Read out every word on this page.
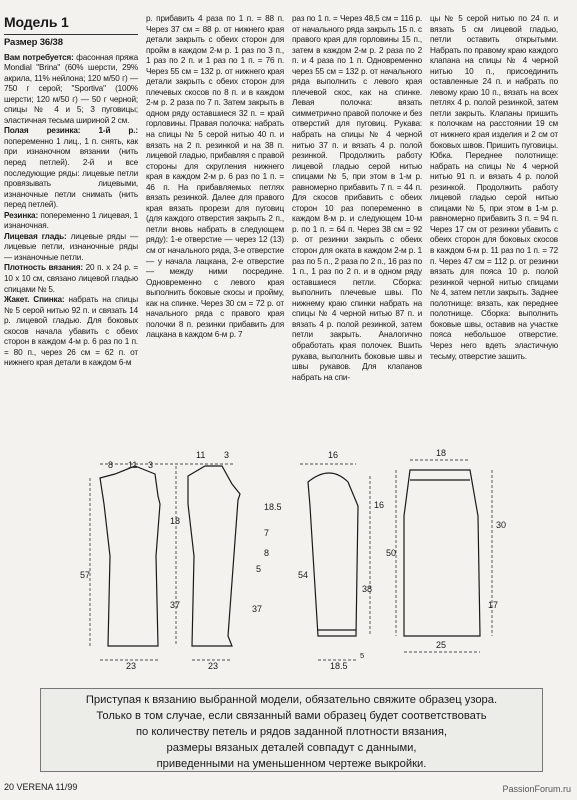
Модель 1
Размер 36/38

Вам потребуется: фасонная пряжа Mondial "Brina" (60% шерсти, 29% акрила, 11% нейлона; 120 м/50 г) — 750 г серой; "Sportiva" (100% шерсти; 120 м/50 г) — 50 г черной; спицы № 4 и 5; 3 пуговицы; эластичная тесьма шириной 2 см.

Полая резинка: 1-й р.: попеременно 1 лиц., 1 п. снять, как при изнаночном вязании (нить перед петлей). 2-й и все последующие ряды: лицевые петли провязывать лицевыми, изнаночные петли снимать (нить перед петлей).

Резинка: попеременно 1 лицевая, 1 изнаночная.

Лицевая гладь: лицевые ряды — лицевые петли, изнаночные ряды — изнаночные петли.

Плотность вязания: 20 п. x 24 р. = 10 x 10 см, связано лицевой гладью спицами № 5.

Жакет. Спинка: набрать на спицы № 5 серой нитью 92 п. и связать 14 р. лицевой гладью. Для боковых скосов начала убавить с обеих сторон в каждом 4-м р. 6 раз по 1 п. = 80 п., через 26 см = 62 п. от нижнего края детали в каждом 6-м

р. прибавить 4 раза по 1 п. = 88 п. Через 37 см = 88 р. от нижнего края детали закрыть с обеих сторон для пройм в каждом 2-м р. 1 раз по 3 п., 1 раз по 2 п. и 1 раз по 1 п. = 76 п. Через 55 см = 132 р. от нижнего края детали закрыть с обеих сторон для плечевых скосов по 8 п. и в каждом 2-м р. 2 раза по 7 п. Затем закрыть в одном ряду оставшиеся 32 п. = край горловины. Правая полочка: набрать на спицы № 5 серой нитью 40 п. и вязать на 2 п. резинкой и на 38 п. лицевой гладью, прибавляя с правой стороны для скругления нижнего края в каждом 2-м р. 6 раз по 1 п. = 46 п. На прибавляемых петлях вязать резинкой. Далее для правого края вязать прорези для пуговиц (для каждого отверстия закрыть 2 п., петли вновь набрать в следующем ряду): 1-е отверстие — через 12 (13) см от начального ряда, 3-е отверстие — у начала лацкана, 2-е отверстие — между ними посредине. Одновременно с левого края выполнить боковые скосы и пройму, как на спинке. Через 30 см = 72 р. от начального ряда с правого края полочки 8 п. резинки прибавить для лацкана в каждом 6-м р. 7

раз по 1 п. = Через 48,5 см = 116 р. от начального ряда закрыть 15 п. с правого края для горловины 15 п., затем в каждом 2-м р. 2 раза по 2 п. и 4 раза по 1 п. Одновременно через 55 см = 132 р. от начального ряда выполнить с левого края плечевой скос, как на спинке. Левая полочка: вязать симметрично правой полочке и без отверстий для пуговиц. Рукава: набрать на спицы № 4 черной нитью 37 п. и вязать 4 р. полой резинкой. Продолжить работу лицевой гладью серой нитью спицами № 5, при этом в 1-м р. равномерно прибавить 7 п. = 44 п. Для скосов прибавить с обеих сторон 10 раз попеременно в каждом 8-м р. и следующем 10-м р. по 1 п. = 64 п. Через 38 см = 92 р. от резинки закрыть с обеих сторон для оката в каждом 2-м р. 1 раз по 5 п., 2 раза по 2 п., 16 раз по 1 п., 1 раз по 2 п. и в одном ряду оставшиеся петли. Сборка: выполнить плечевые швы. По нижнему краю спинки набрать на спицы № 4 черной нитью 87 п. и вязать 4 р. полой резинкой, затем петли закрыть. Аналогично обработать края полочек. Вшить рукава, выполнить боковые швы и швы рукавов. Для клапанов набрать на спи-

цы № 5 серой нитью по 24 п. и вязать 5 см лицевой гладью, петли оставить открытыми. Набрать по правому краю каждого клапана на спицы № 4 черной нитью 10 п., присоединить оставленные 24 п. и набрать по левому краю 10 п., вязать на всех петлях 4 р. полой резинкой, затем петли закрыть. Клапаны пришить к полочкам на расстоянии 19 см от нижнего края изделия и 2 см от боковых швов. Пришить пуговицы. Юбка. Переднее полотнище: набрать на спицы № 4 черной нитью 91 п. и вязать 4 р. полой резинкой. Продолжить работу лицевой гладью серой нитью спицами № 5, при этом в 1-м р. равномерно прибавить 3 п. = 94 п. Через 17 см от резинки убавить с обеих сторон для боковых скосов в каждом 6-м р. 11 раз по 1 п. = 72 п. Через 47 см = 112 р. от резинки вязать для пояса 10 р. полой резинкой черной нитью спицами № 4, затем петли закрыть. Заднее полотнище: вязать, как переднее полотнище. Сборка: выполнить боковые швы, оставив на участке пояса небольшое отверстие. Через него вдеть эластичную тесьму, отверстие зашить.

8 11 3
18
37
57
23
11 3
18.5
7
8
5
37
23
16
16
38
54
18.5
5
18
30
17
50
25

Приступая к вязанию выбранной модели, обязательно свяжите образец узора.

Только в том случае, если связанный вами образец будет соответствовать

по количеству петель и рядов заданной плотности вязания,

размеры вязаных деталей совпадут с данными,

приведенными на уменьшенном чертеже выкройки.

20 VERENA 11/99	PassionForum.ru
